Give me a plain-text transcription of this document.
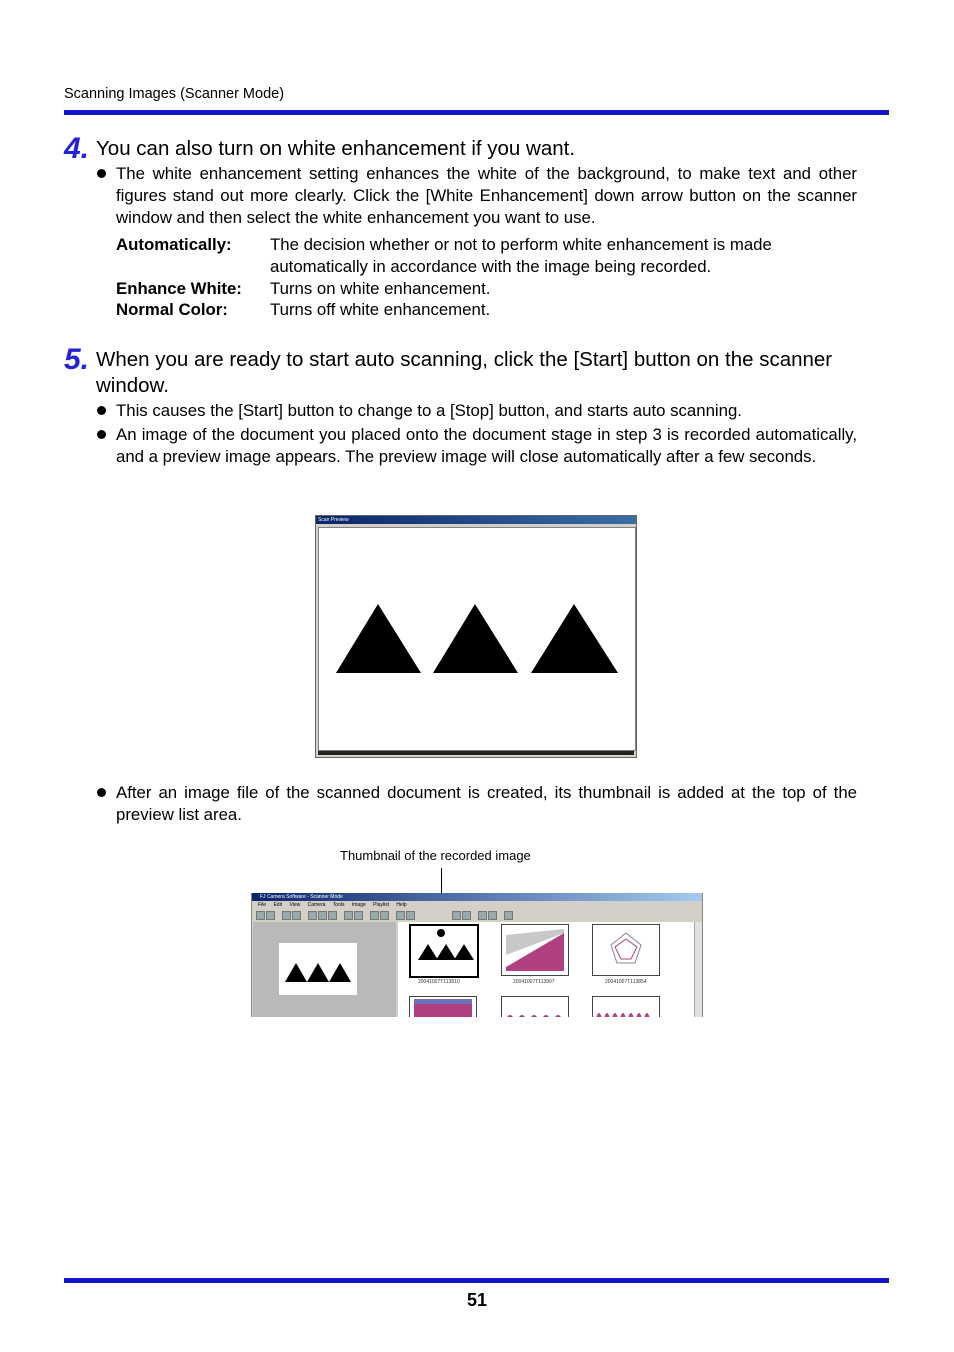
Scanning Images (Scanner Mode)
4. You can also turn on white enhancement if you want.
The white enhancement setting enhances the white of the background, to make text and other figures stand out more clearly. Click the [White Enhancement] down arrow button on the scanner window and then select the white enhancement you want to use.
Automatically: The decision whether or not to perform white enhancement is made automatically in accordance with the image being recorded.
Enhance White: Turns on white enhancement.
Normal Color:	Turns off white enhancement.
5. When you are ready to start auto scanning, click the [Start] button on the scanner window.
This causes the [Start] button to change to a [Stop] button, and starts auto scanning.
An image of the document you placed onto the document stage in step 3 is recorded automatically, and a preview image appears. The preview image will close automatically after a few seconds.
Scan Preview
After an image file of the scanned document is created, its thumbnail is added at the top of the preview list area.
Thumbnail of the recorded image
FJ Camera Software - Scanner Mode
File Edit View Camera Tools Image Playlist Help
20041007T113810	20041007T113907	20041007T113854
51
